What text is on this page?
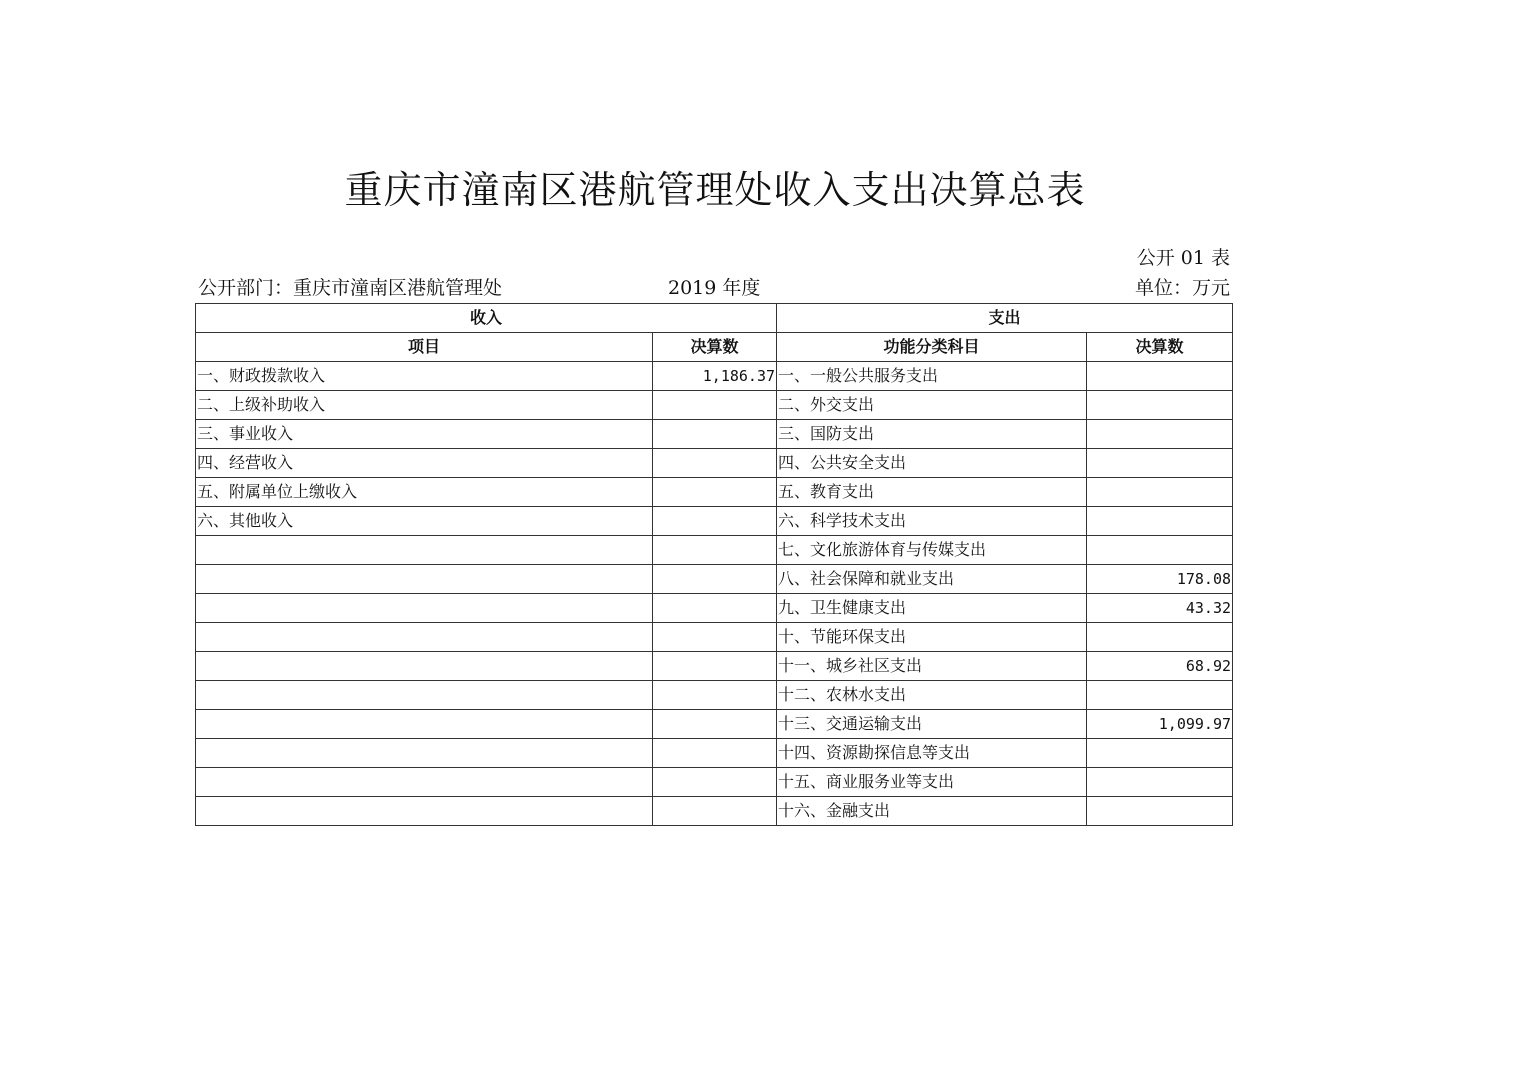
重庆市潼南区港航管理处收入支出决算总表
公开 01 表
公开部门：重庆市潼南区港航管理处	2019 年度	单位：万元
收入		支出	
项目	决算数	功能分类科目	决算数
一、财政拨款收入	1,186.37	一、一般公共服务支出	
二、上级补助收入		二、外交支出	
三、事业收入		三、国防支出	
四、经营收入		四、公共安全支出	
五、附属单位上缴收入		五、教育支出	
六、其他收入		六、科学技术支出	
		七、文化旅游体育与传媒支出	
		八、社会保障和就业支出	178.08
		九、卫生健康支出	43.32
		十、节能环保支出	
		十一、城乡社区支出	68.92
		十二、农林水支出	
		十三、交通运输支出	1,099.97
		十四、资源勘探信息等支出	
		十五、商业服务业等支出	
		十六、金融支出	
